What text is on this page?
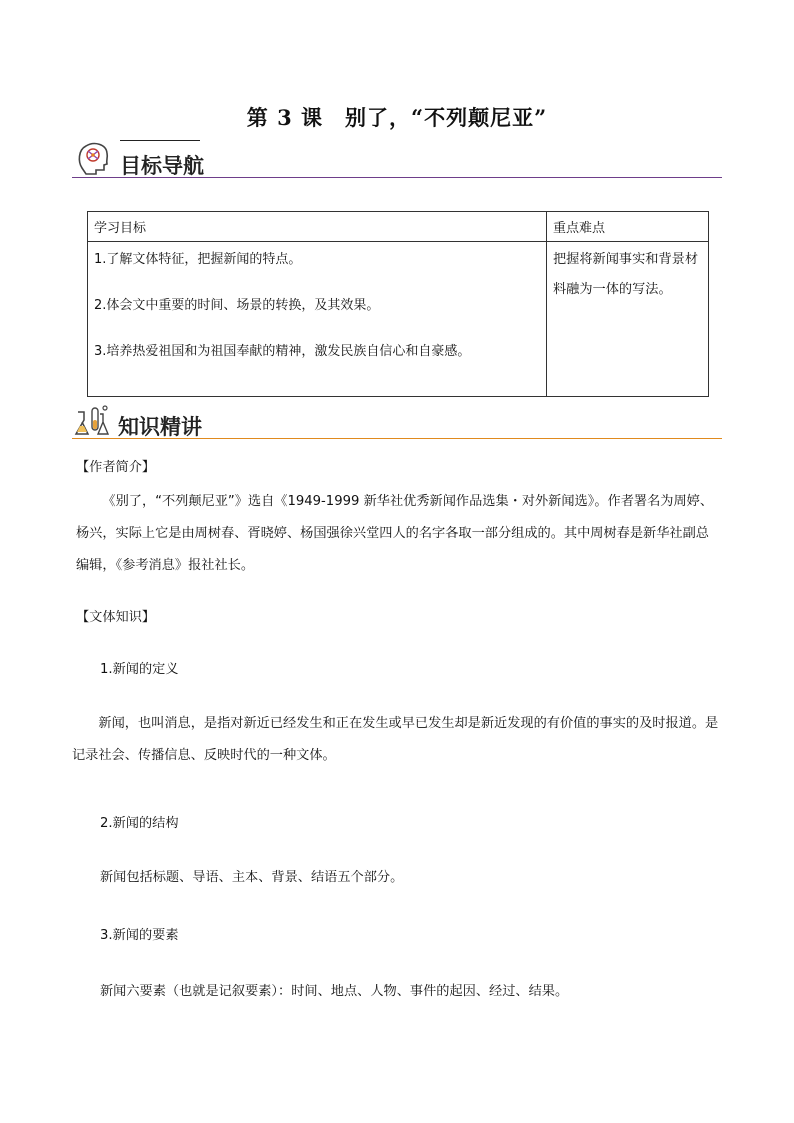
第 3 课　别了，“不列颠尼亚”
目标导航
学习目标	重点难点

1.了解文体特征，把握新闻的特点。
2.体会文中重要的时间、场景的转换，及其效果。
3.培养热爱祖国和为祖国奉献的精神，激发民族自信心和自豪感。	把握将新闻事实和背景材料融为一体的写法。
知识精讲
【作者简介】
《别了，“不列颠尼亚”》选自《1949-1999 新华社优秀新闻作品选集・对外新闻选》。作者署名为周婷、杨兴，实际上它是由周树春、胥晓婷、杨国强徐兴堂四人的名字各取一部分组成的。其中周树春是新华社副总编辑，《参考消息》报社社长。
【文体知识】
1.新闻的定义
新闻，也叫消息，是指对新近已经发生和正在发生或早已发生却是新近发现的有价值的事实的及时报道。是记录社会、传播信息、反映时代的一种文体。
2.新闻的结构
新闻包括标题、导语、主本、背景、结语五个部分。
3.新闻的要素
新闻六要素（也就是记叙要素）：时间、地点、人物、事件的起因、经过、结果。
